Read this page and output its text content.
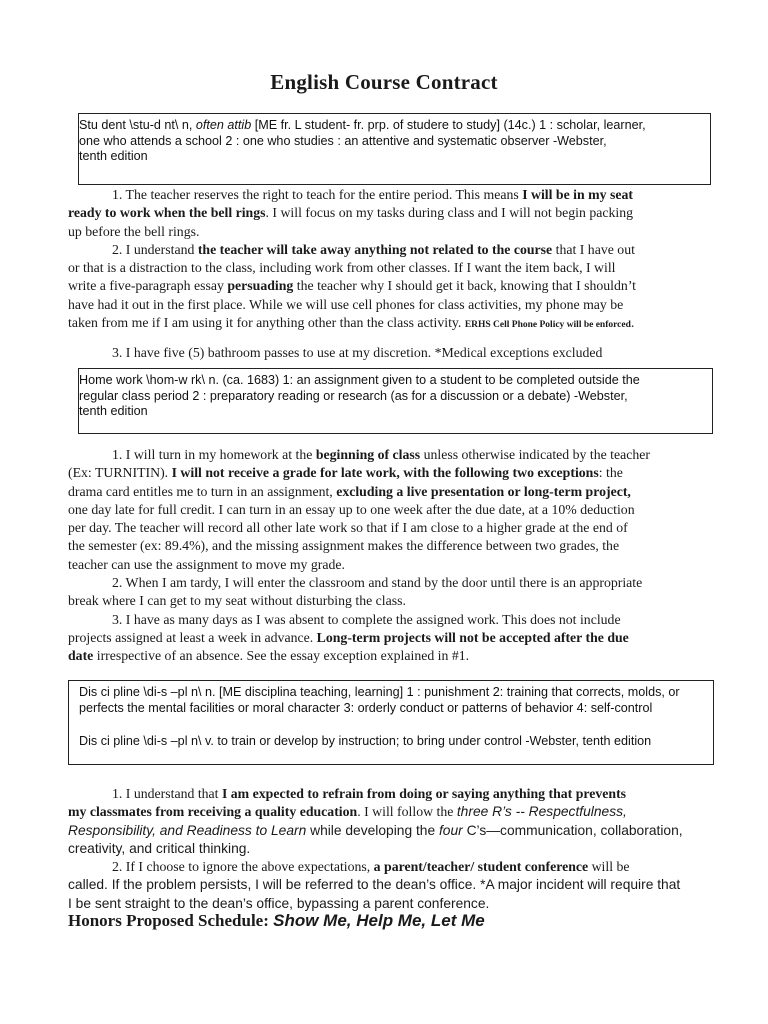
English Course Contract

Stu dent \stu-d nt\ n, often attib [ME fr. L student- fr. prp. of studere to study] (14c.) 1 : scholar, learner,

one who attends a school 2 : one who studies : an attentive and systematic observer -Webster,

tenth edition

1. The teacher reserves the right to teach for the entire period. This means I will be in my seat
ready to work when the bell rings. I will focus on my tasks during class and I will not begin packing
up before the bell rings.

2. I understand the teacher will take away anything not related to the course that I have out
or that is a distraction to the class, including work from other classes. If I want the item back, I will
write a five-paragraph essay persuading the teacher why I should get it back, knowing that I shouldn’t
have had it out in the first place. While we will use cell phones for class activities, my phone may be
taken from me if I am using it for anything other than the class activity. ERHS Cell Phone Policy will be enforced.

3. I have five (5) bathroom passes to use at my discretion. *Medical exceptions excluded

Home work \hom-w rk\ n. (ca. 1683) 1: an assignment given to a student to be completed outside the

regular class period 2 : preparatory reading or research (as for a discussion or a debate) -Webster,

tenth edition

1. I will turn in my homework at the beginning of class unless otherwise indicated by the teacher
(Ex: TURNITIN). I will not receive a grade for late work, with the following two exceptions: the
drama card entitles me to turn in an assignment, excluding a live presentation or long-term project,
one day late for full credit. I can turn in an essay up to one week after the due date, at a 10% deduction
per day. The teacher will record all other late work so that if I am close to a higher grade at the end of
the semester (ex: 89.4%), and the missing assignment makes the difference between two grades, the
teacher can use the assignment to move my grade.

2. When I am tardy, I will enter the classroom and stand by the door until there is an appropriate
break where I can get to my seat without disturbing the class.

3. I have as many days as I was absent to complete the assigned work. This does not include
projects assigned at least a week in advance. Long-term projects will not be accepted after the due
date irrespective of an absence. See the essay exception explained in #1.

Dis ci pline \di-s –pl n\ n. [ME disciplina teaching, learning] 1 : punishment 2: training that corrects, molds, or

perfects the mental facilities or moral character 3: orderly conduct or patterns of behavior 4: self-control

Dis ci pline \di-s –pl n\ v. to train or develop by instruction; to bring under control -Webster, tenth edition

1. I understand that I am expected to refrain from doing or saying anything that prevents
my classmates from receiving a quality education. I will follow the three R’s -- Respectfulness,
Responsibility, and Readiness to Learn while developing the four C’s—communication, collaboration,
creativity, and critical thinking.

2. If I choose to ignore the above expectations, a parent/teacher/ student conference will be
called. If the problem persists, I will be referred to the dean’s office. *A major incident will require that
I be sent straight to the dean’s office, bypassing a parent conference.

Honors Proposed Schedule: Show Me, Help Me, Let Me
